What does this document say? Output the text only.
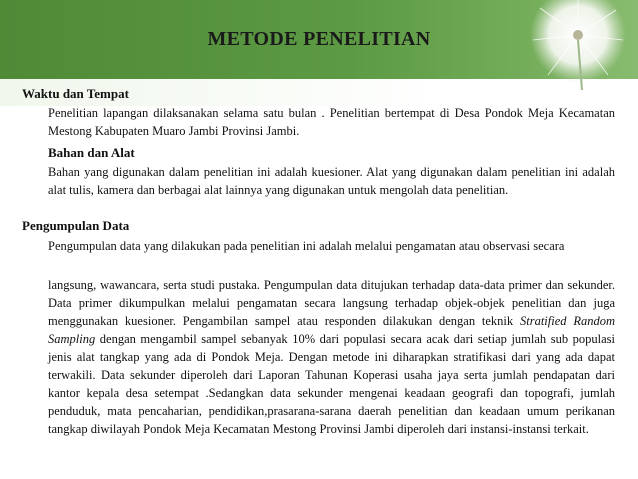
METODE PENELITIAN
Waktu dan Tempat
Penelitian lapangan dilaksanakan selama satu bulan . Penelitian bertempat di Desa Pondok Meja Kecamatan Mestong Kabupaten Muaro Jambi Provinsi Jambi.
Bahan dan Alat
Bahan yang digunakan dalam penelitian ini adalah kuesioner. Alat yang digunakan dalam penelitian ini adalah alat tulis, kamera dan berbagai alat lainnya yang digunakan untuk mengolah data penelitian.
Pengumpulan Data
Pengumpulan data yang dilakukan pada penelitian ini adalah melalui pengamatan atau observasi secara
langsung, wawancara, serta studi pustaka. Pengumpulan data ditujukan terhadap data-data primer dan sekunder. Data primer dikumpulkan melalui pengamatan secara langsung terhadap objek-objek penelitian dan juga menggunakan kuesioner. Pengambilan sampel atau responden dilakukan dengan teknik Stratified Random Sampling dengan mengambil sampel sebanyak 10% dari populasi secara acak dari setiap jumlah sub populasi jenis alat tangkap yang ada di Pondok Meja. Dengan metode ini diharapkan stratifikasi dari yang ada dapat terwakili. Data sekunder diperoleh dari Laporan Tahunan Koperasi usaha jaya serta jumlah pendapatan dari kantor kepala desa setempat .Sedangkan data sekunder mengenai keadaan geografi dan topografi, jumlah penduduk, mata pencaharian, pendidikan,prasarana-sarana daerah penelitian dan keadaan umum perikanan tangkap diwilayah Pondok Meja Kecamatan Mestong Provinsi Jambi diperoleh dari instansi-instansi terkait.
